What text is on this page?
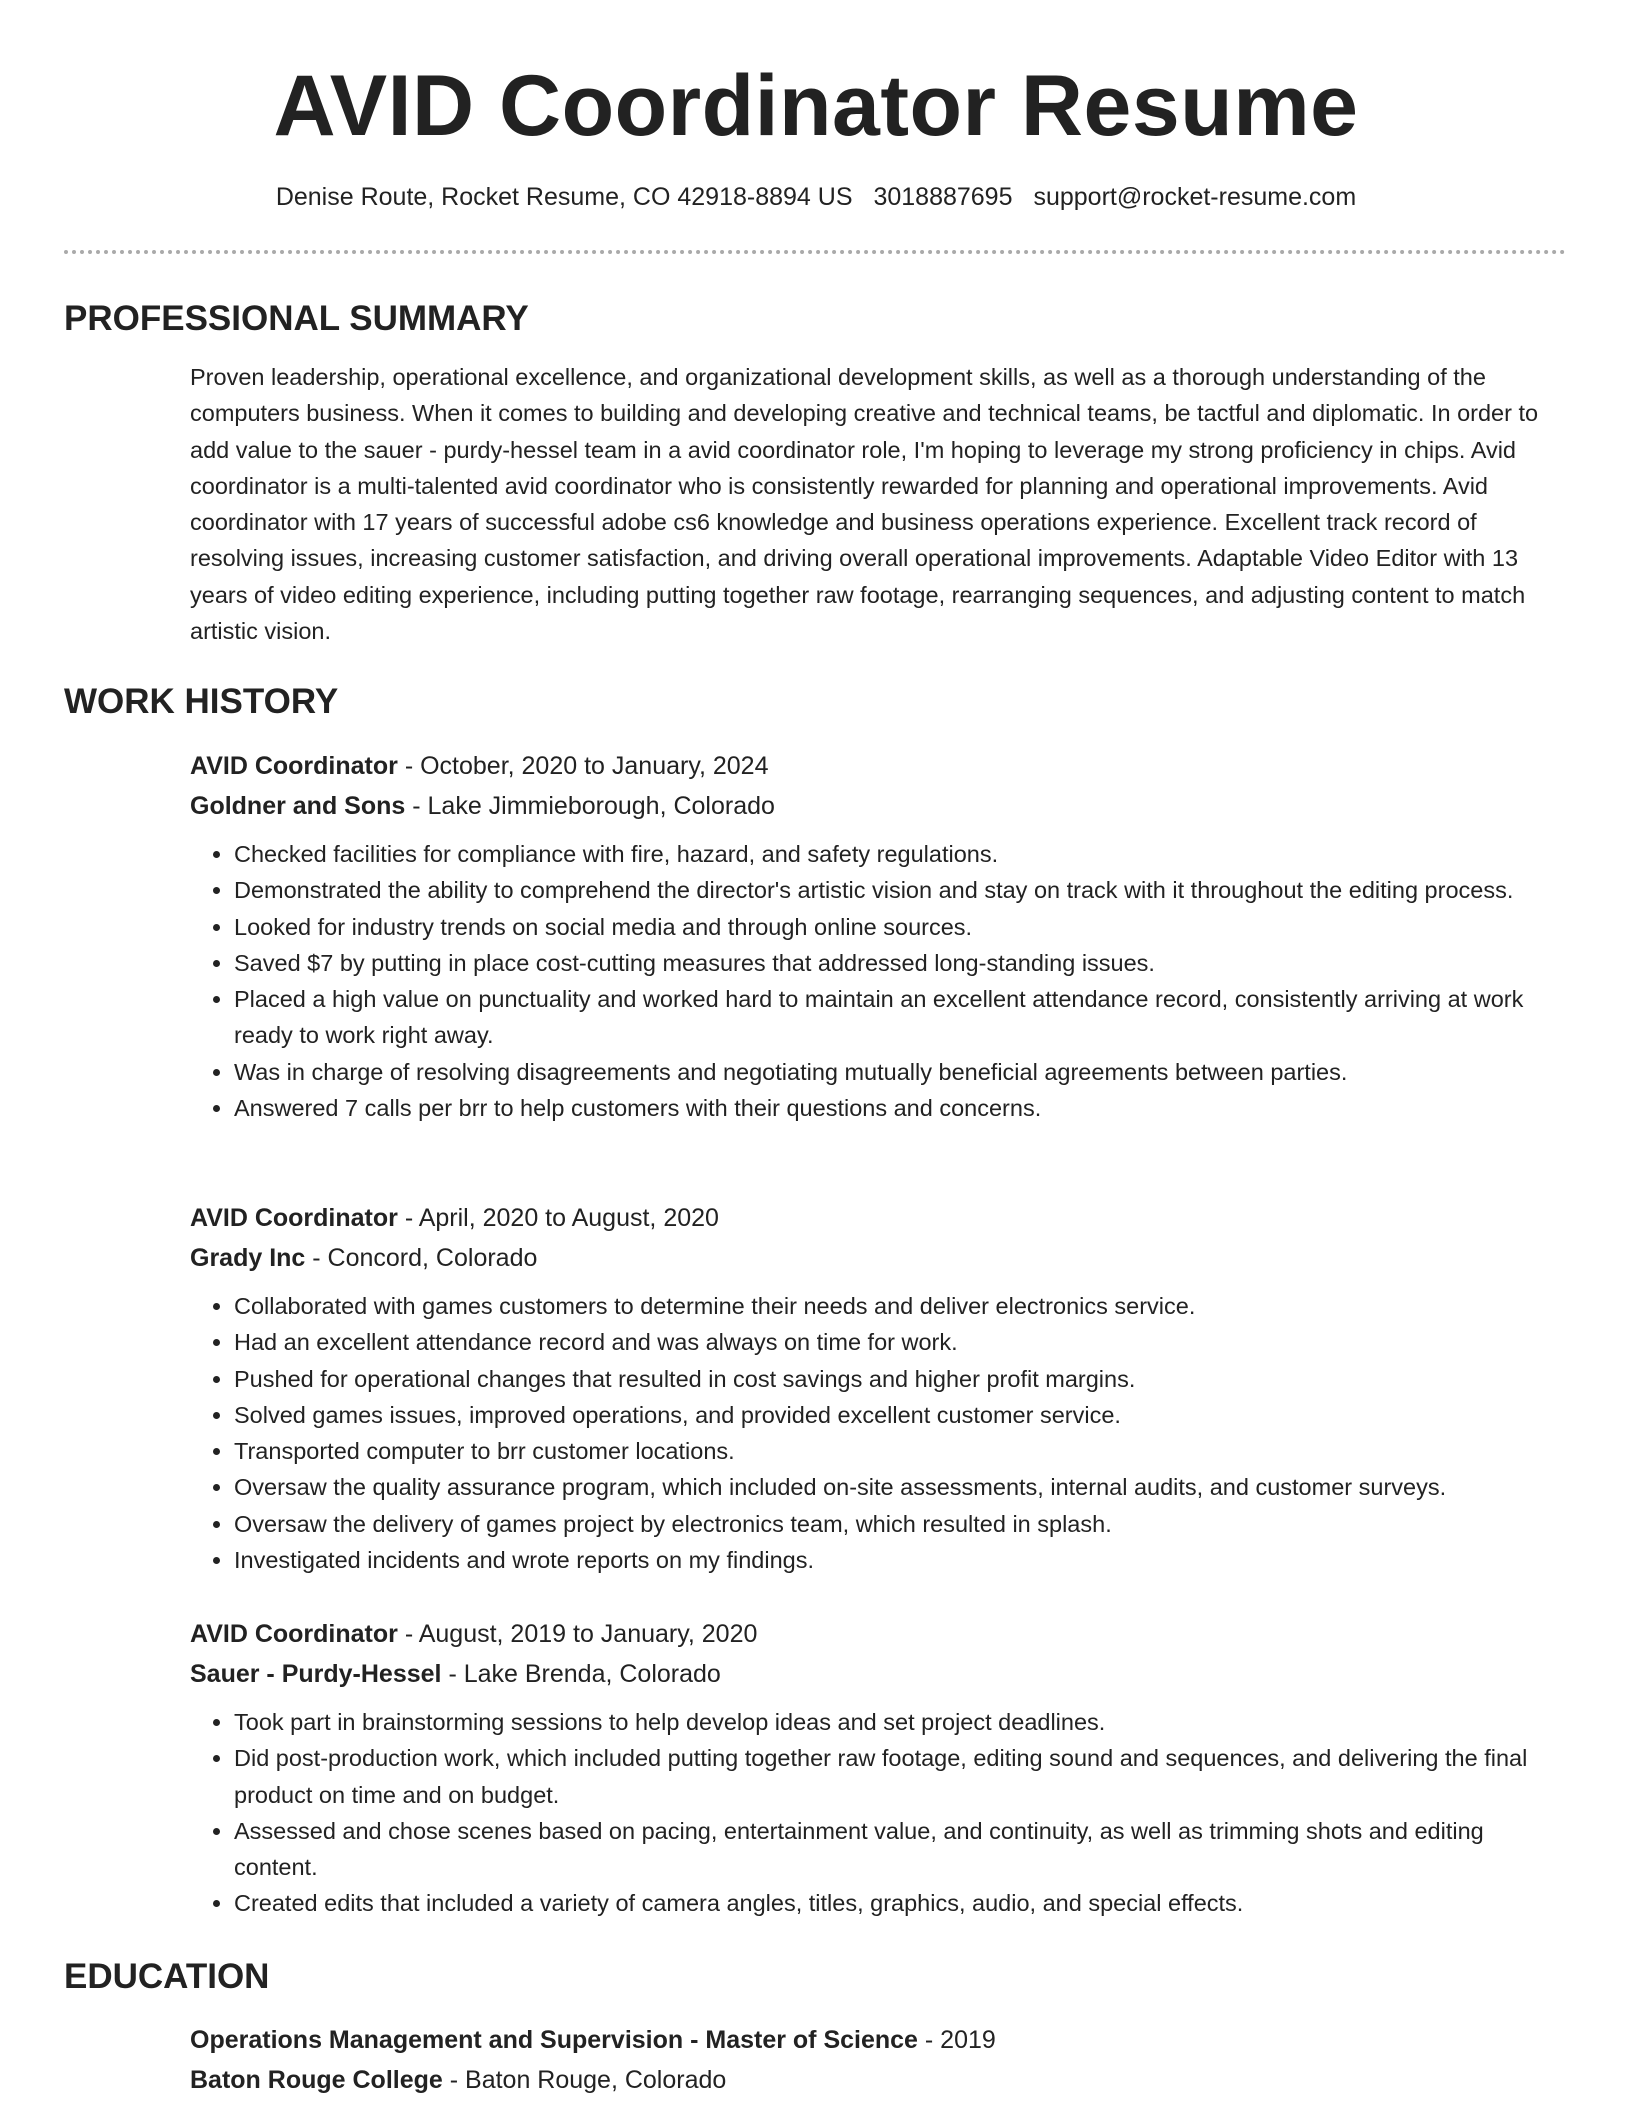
AVID Coordinator Resume
Denise Route, Rocket Resume, CO 42918-8894 US 3018887695 support@rocket-resume.com
PROFESSIONAL SUMMARY

Proven leadership, operational excellence, and organizational development skills, as well as a thorough understanding of the computers business. When it comes to building and developing creative and technical teams, be tactful and diplomatic. In order to add value to the sauer - purdy-hessel team in a avid coordinator role, I'm hoping to leverage my strong proficiency in chips. Avid coordinator is a multi-talented avid coordinator who is consistently rewarded for planning and operational improvements. Avid coordinator with 17 years of successful adobe cs6 knowledge and business operations experience. Excellent track record of resolving issues, increasing customer satisfaction, and driving overall operational improvements. Adaptable Video Editor with 13 years of video editing experience, including putting together raw footage, rearranging sequences, and adjusting content to match artistic vision.

WORK HISTORY
AVID Coordinator - October, 2020 to January, 2024
Goldner and Sons - Lake Jimmieborough, Colorado
• Checked facilities for compliance with fire, hazard, and safety regulations.
• Demonstrated the ability to comprehend the director's artistic vision and stay on track with it throughout the editing process.
• Looked for industry trends on social media and through online sources.
• Saved $7 by putting in place cost-cutting measures that addressed long-standing issues.
• Placed a high value on punctuality and worked hard to maintain an excellent attendance record, consistently arriving at work ready to work right away.
• Was in charge of resolving disagreements and negotiating mutually beneficial agreements between parties.
• Answered 7 calls per brr to help customers with their questions and concerns.
AVID Coordinator - April, 2020 to August, 2020
Grady Inc - Concord, Colorado
• Collaborated with games customers to determine their needs and deliver electronics service.
• Had an excellent attendance record and was always on time for work.
• Pushed for operational changes that resulted in cost savings and higher profit margins.
• Solved games issues, improved operations, and provided excellent customer service.
• Transported computer to brr customer locations.
• Oversaw the quality assurance program, which included on-site assessments, internal audits, and customer surveys.
• Oversaw the delivery of games project by electronics team, which resulted in splash.
• Investigated incidents and wrote reports on my findings.
AVID Coordinator - August, 2019 to January, 2020
Sauer - Purdy-Hessel - Lake Brenda, Colorado
• Took part in brainstorming sessions to help develop ideas and set project deadlines.
• Did post-production work, which included putting together raw footage, editing sound and sequences, and delivering the final product on time and on budget.
• Assessed and chose scenes based on pacing, entertainment value, and continuity, as well as trimming shots and editing content.
• Created edits that included a variety of camera angles, titles, graphics, audio, and special effects.
EDUCATION
Operations Management and Supervision - Master of Science - 2019
Baton Rouge College - Baton Rouge, Colorado
